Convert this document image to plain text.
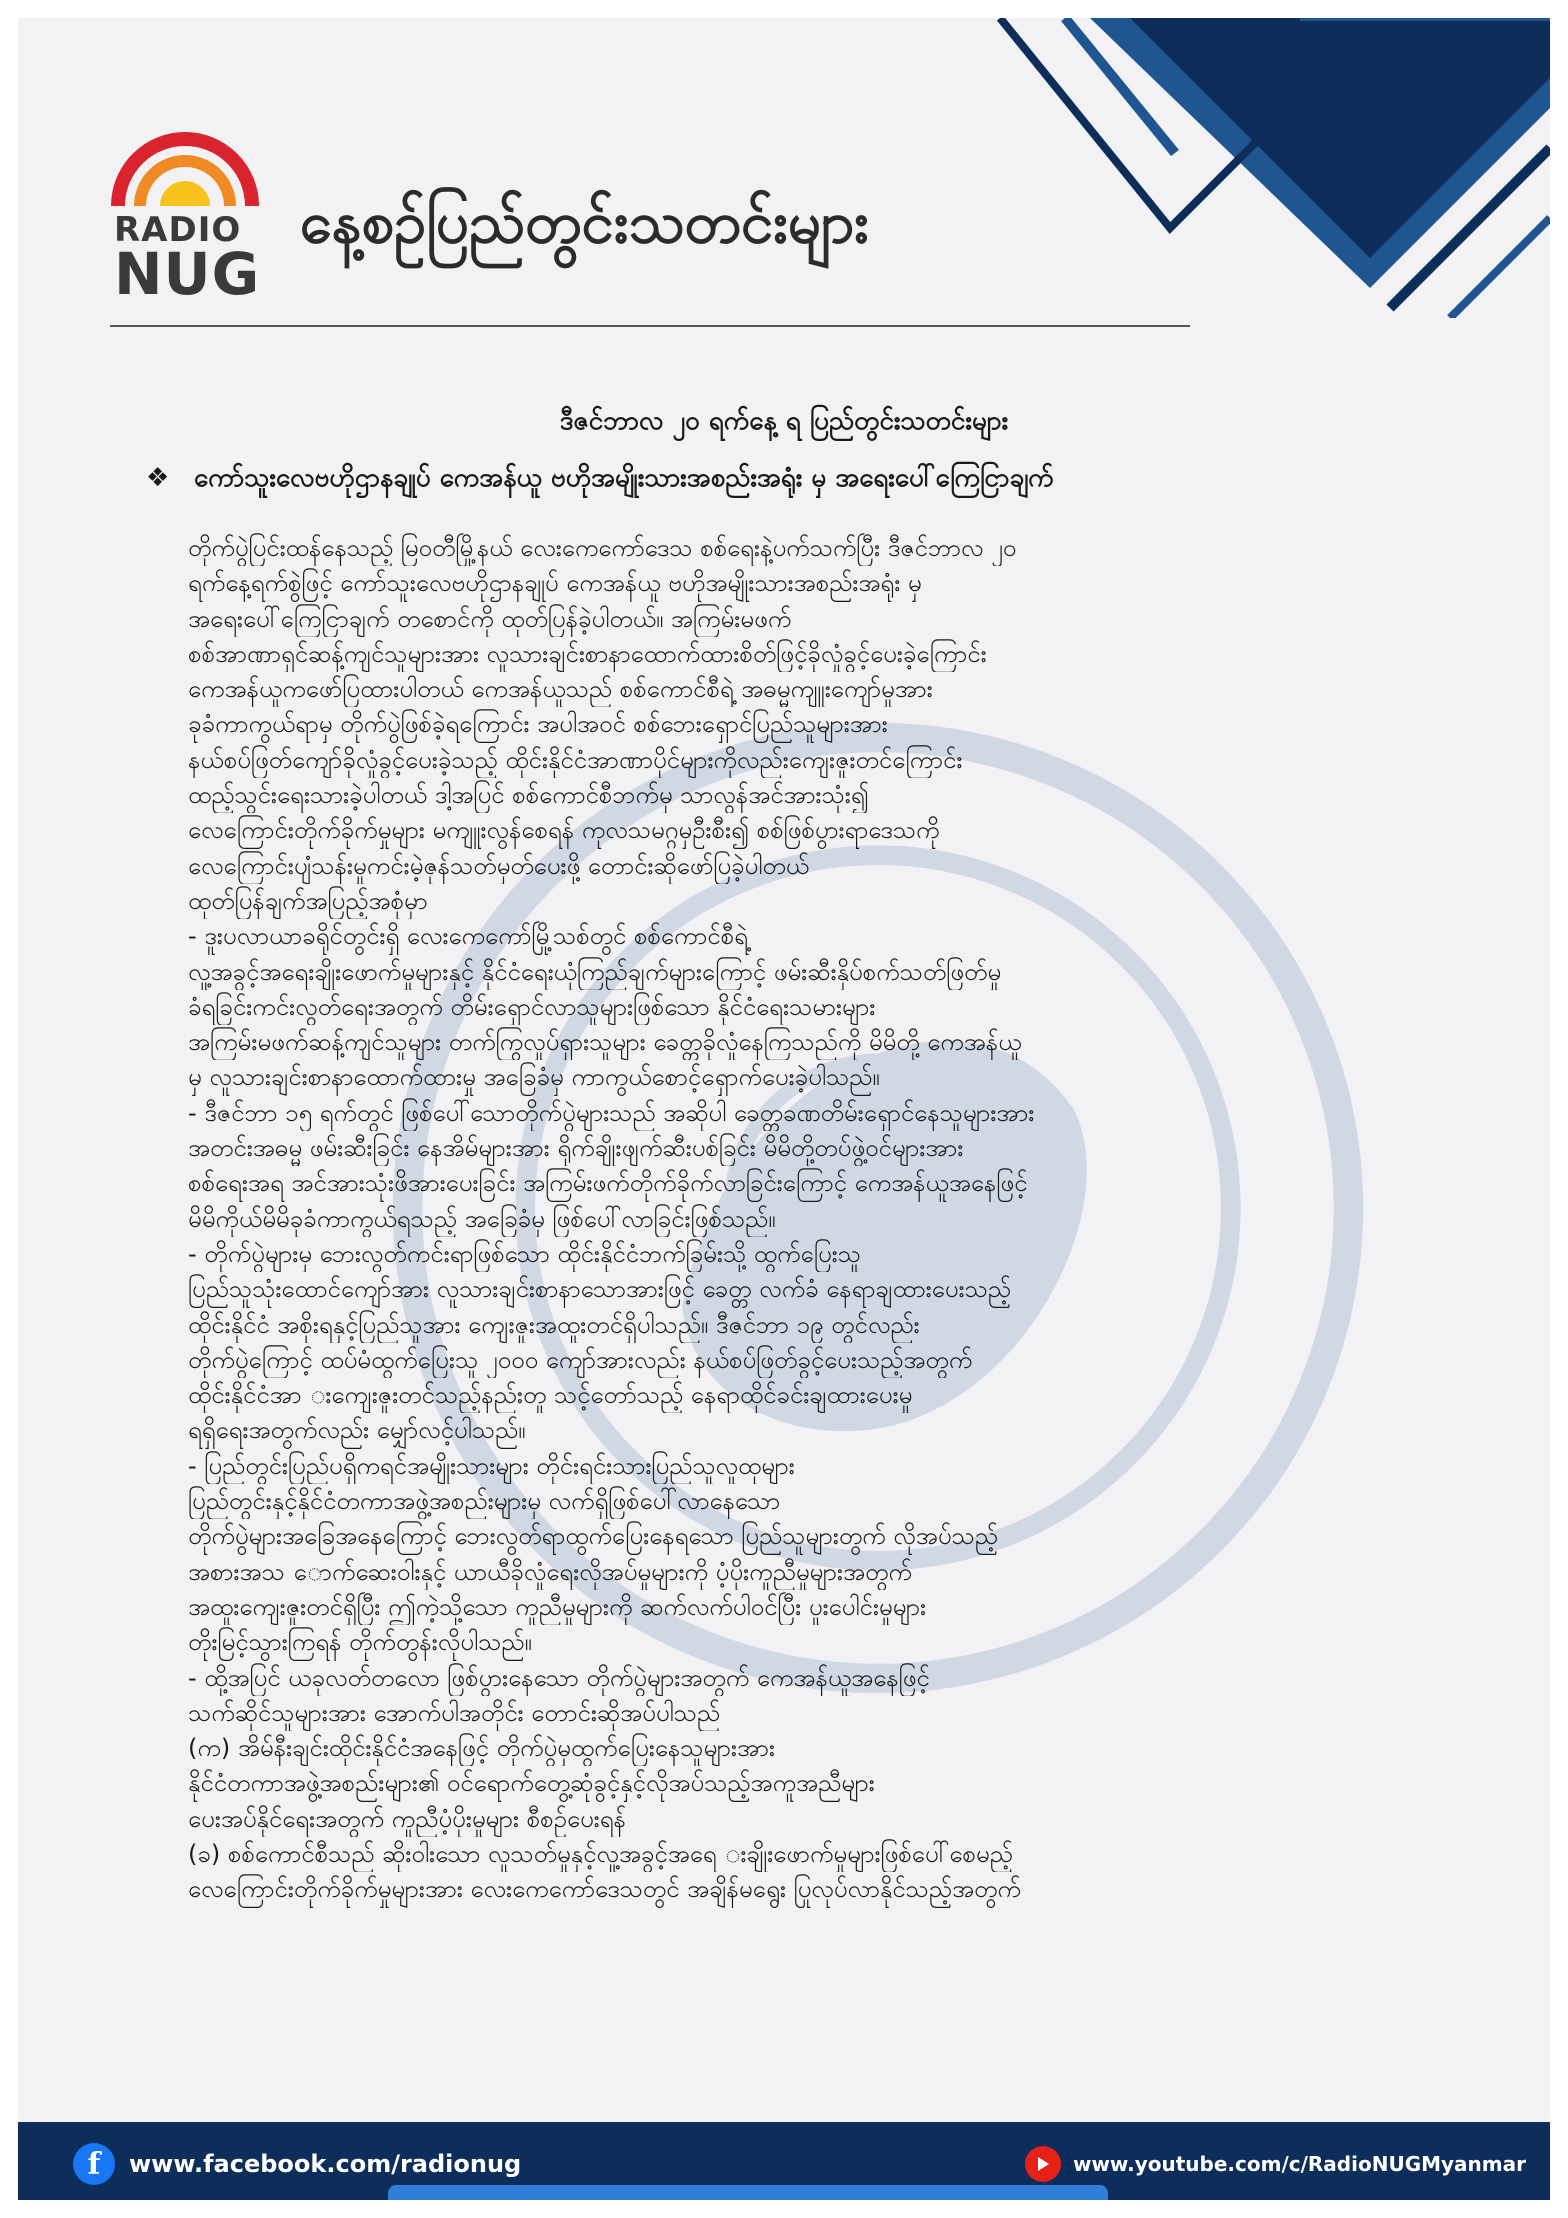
RADIO
NUG
နေ့စဉ်ပြည်တွင်းသတင်းများ
ဒီဇင်ဘာလ ၂၀ ရက်နေ့ ရ ပြည်တွင်းသတင်းများ
❖ ကော်သူးလေဗဟိုဌာနချုပ် ကေအန်ယူ ဗဟိုအမျိုးသားအစည်းအရုံး မှ အရေးပေါ်ကြေငြာချက်

တိုက်ပွဲပြင်းထန်နေသည့် မြဝတီမြို့နယ် လေးကေကော်ဒေသ စစ်ရေးနဲ့ပက်သက်ပြီး ဒီဇင်ဘာလ ၂၀

ရက်နေ့ရက်စွဲဖြင့် ကော်သူးလေဗဟိုဌာနချုပ် ကေအန်ယူ ဗဟိုအမျိုးသားအစည်းအရုံး မှ

အရေးပေါ်ကြေငြာချက် တစောင်ကို ထုတ်ပြန်ခဲ့ပါတယ်။ အကြမ်းမဖက်

စစ်အာဏာရှင်ဆန့်ကျင်သူများအား လူသားချင်းစာနာထောက်ထားစိတ်ဖြင့်ခိုလှုံခွင့်ပေးခဲ့ကြောင်း

ကေအန်ယူကဖော်ပြထားပါတယ် ကေအန်ယူသည် စစ်ကောင်စီရဲ့ အဓမ္မကျူးကျော်မှုအား

ခုခံကာကွယ်ရာမှ တိုက်ပွဲဖြစ်ခဲ့ရကြောင်း အပါအဝင် စစ်ဘေးရှောင်ပြည်သူများအား

နယ်စပ်ဖြတ်ကျော်ခိုလှုံခွင့်ပေးခဲ့သည့် ထိုင်းနိုင်ငံအာဏာပိုင်များကိုလည်းကျေးဇူးတင်ကြောင်း

ထည့်သွင်းရေးသားခဲ့ပါတယ် ဒါ့အပြင် စစ်ကောင်စီဘက်မှ သာလွန်အင်အားသုံး၍

လေကြောင်းတိုက်ခိုက်မှုများ မကျူးလွန်စေရန် ကုလသမဂ္ဂမှဦးစီး၍ စစ်ဖြစ်ပွားရာဒေသကို

လေကြောင်းပျံသန်းမှုကင်းမဲ့ဇုန်သတ်မှတ်ပေးဖို့ တောင်းဆိုဖော်ပြခဲ့ပါတယ်

ထုတ်ပြန်ချက်အပြည့်အစုံမှာ

- ဒူးပလာယာခရိုင်တွင်းရှိ လေးကေကော်မြို့သစ်တွင် စစ်ကောင်စီရဲ့

လူ့အခွင့်အရေးချိုးဖောက်မှုများနှင့် နိုင်ငံရေးယုံကြည်ချက်များကြောင့် ဖမ်းဆီးနှိပ်စက်သတ်ဖြတ်မှု

ခံရခြင်းကင်းလွတ်ရေးအတွက် တိမ်းရှောင်လာသူများဖြစ်သော နိုင်ငံရေးသမားများ

အကြမ်းမဖက်ဆန့်ကျင်သူများ တက်ကြွလှုပ်ရှားသူများ ခေတ္တခိုလှုံနေကြသည်ကို မိမိတို့ ကေအန်ယူ

မှ လူသားချင်းစာနာထောက်ထားမှု အခြေခံမှ ကာကွယ်စောင့်ရှောက်ပေးခဲ့ပါသည်။

- ဒီဇင်ဘာ ၁၅ ရက်တွင် ဖြစ်ပေါ်သောတိုက်ပွဲများသည် အဆိုပါ ခေတ္တခဏတိမ်းရှောင်နေသူများအား

အတင်းအဓမ္မ ဖမ်းဆီးခြင်း နေအိမ်များအား ရိုက်ချိုးဖျက်ဆီးပစ်ခြင်း မိမိတို့တပ်ဖွဲ့ဝင်များအား

စစ်ရေးအရ အင်အားသုံးဖိအားပေးခြင်း အကြမ်းဖက်တိုက်ခိုက်လာခြင်းကြောင့် ကေအန်ယူအနေဖြင့်

မိမိကိုယ်မိမိခုခံကာကွယ်ရသည့် အခြေခံမှ ဖြစ်ပေါ်လာခြင်းဖြစ်သည်။

- တိုက်ပွဲများမှ ဘေးလွတ်ကင်းရာဖြစ်သော ထိုင်းနိုင်ငံဘက်ခြမ်းသို့ ထွက်ပြေးသူ

ပြည်သူသုံးထောင်ကျော်အား လူသားချင်းစာနာသောအားဖြင့် ခေတ္တ လက်ခံ နေရာချထားပေးသည့်

ထိုင်းနိုင်ငံ အစိုးရနှင့်ပြည်သူအား ကျေးဇူးအထူးတင်ရှိပါသည်။ ဒီဇင်ဘာ ၁၉ တွင်လည်း

တိုက်ပွဲကြောင့် ထပ်မံထွက်ပြေးသူ ၂၀၀၀ ကျော်အားလည်း နယ်စပ်ဖြတ်ခွင့်ပေးသည့်အတွက်

ထိုင်းနိုင်ငံအာ းကျေးဇူးတင်သည့်နည်းတူ သင့်တော်သည့် နေရာထိုင်ခင်းချထားပေးမှု

ရရှိရေးအတွက်လည်း မျှော်လင့်ပါသည်။

- ပြည်တွင်းပြည်ပရှိကရင်အမျိုးသားများ တိုင်းရင်းသားပြည်သူလူထုများ

ပြည်တွင်းနှင့်နိုင်ငံတကာအဖွဲ့အစည်းများမှ လက်ရှိဖြစ်ပေါ်လာနေသော

တိုက်ပွဲများအခြေအနေကြောင့် ဘေးလွတ်ရာထွက်ပြေးနေရသော ပြည်သူများတွက် လိုအပ်သည့်

အစားအသ ောက်ဆေးဝါးနှင့် ယာယီခိုလှုံရေးလိုအပ်မှုများကို ပံ့ပိုးကူညီမှုများအတွက်

အထူးကျေးဇူးတင်ရှိပြီး ဤကဲ့သို့သော ကူညီမှုများကို ဆက်လက်ပါဝင်ပြီး ပူးပေါင်းမှုများ

တိုးမြင့်သွားကြရန် တိုက်တွန်းလိုပါသည်။

- ထို့အပြင် ယခုလတ်တလော ဖြစ်ပွားနေသော တိုက်ပွဲများအတွက် ကေအန်ယူအနေဖြင့်

သက်ဆိုင်သူများအား အောက်ပါအတိုင်း တောင်းဆိုအပ်ပါသည်

(က) အိမ်နီးချင်းထိုင်းနိုင်ငံအနေဖြင့် တိုက်ပွဲမှထွက်ပြေးနေသူများအား

နိုင်ငံတကာအဖွဲ့အစည်းများ၏ ဝင်ရောက်တွေ့ဆုံခွင့်နှင့်လိုအပ်သည့်အကူအညီများ

ပေးအပ်နိုင်ရေးအတွက် ကူညီပံ့ပိုးမှုများ စီစဉ်ပေးရန်

(ခ) စစ်ကောင်စီသည် ဆိုးဝါးသော လူသတ်မှုနှင့်လူ့အခွင့်အရေ းချိုးဖောက်မှုများဖြစ်ပေါ်စေမည့်

လေကြောင်းတိုက်ခိုက်မှုများအား လေးကေကော်ဒေသတွင် အချိန်မရွေး ပြုလုပ်လာနိုင်သည့်အတွက်

f	www.facebook.com/radionug	www.youtube.com/c/RadioNUGMyanmar
